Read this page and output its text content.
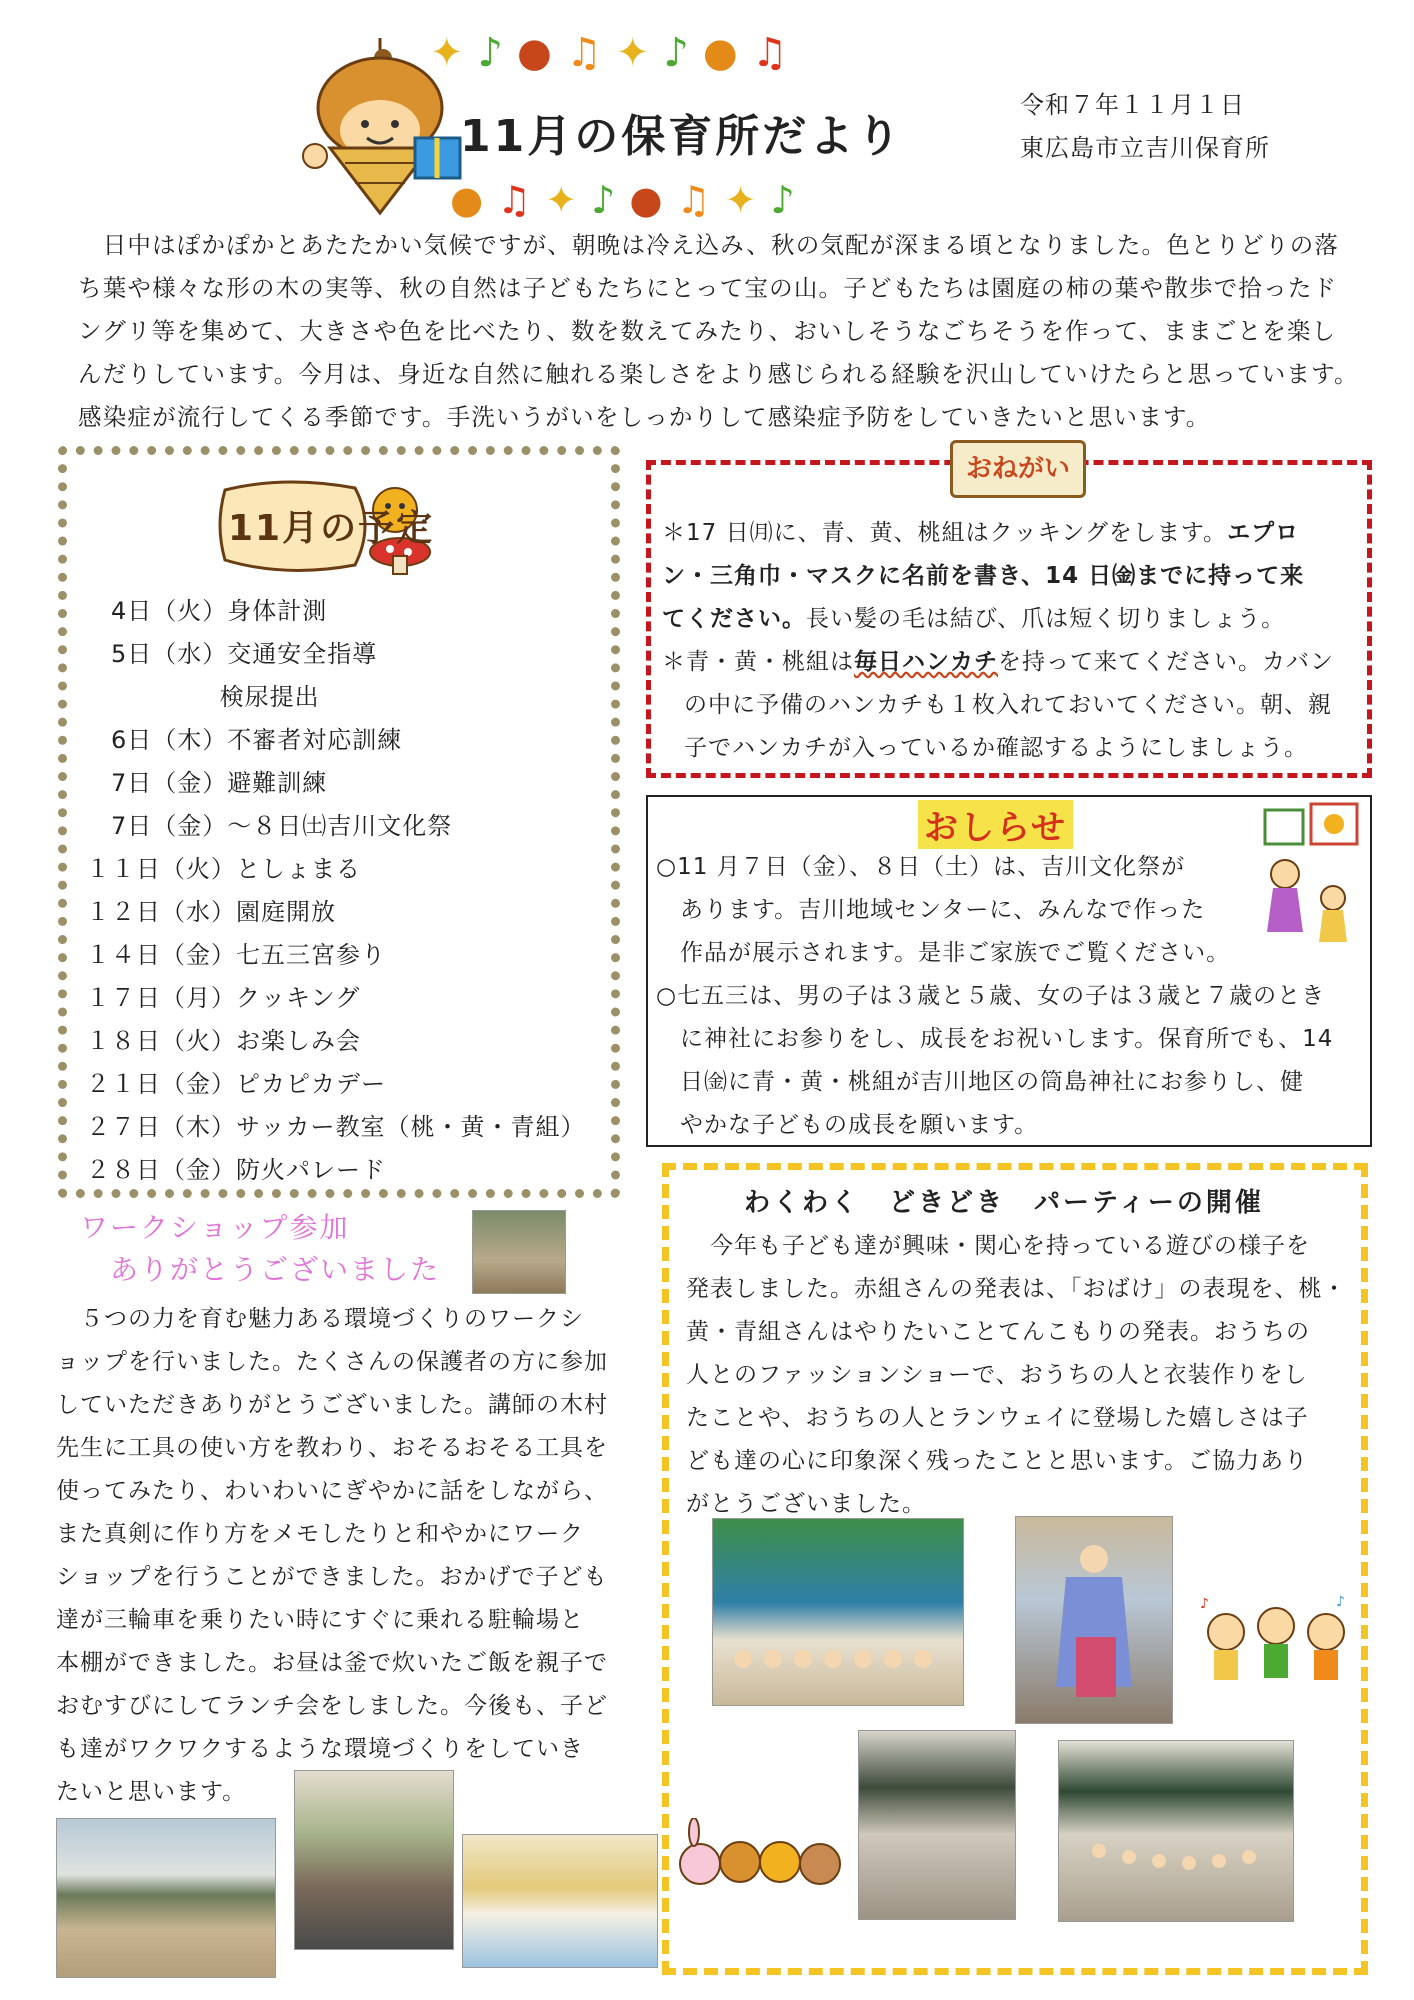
✦♪●♫✦♪●♫
●♫✦♪●♫✦♪
11月の保育所だより
令和７年１１月１日
東広島市立吉川保育所
　日中はぽかぽかとあたたかい気候ですが、朝晩は冷え込み、秋の気配が深まる頃となりました。色とりどりの落
ち葉や様々な形の木の実等、秋の自然は子どもたちにとって宝の山。子どもたちは園庭の柿の葉や散歩で拾ったド
ングリ等を集めて、大きさや色を比べたり、数を数えてみたり、おいしそうなごちそうを作って、ままごとを楽し
んだりしています。今月は、身近な自然に触れる楽しさをより感じられる経験を沢山していけたらと思っています。
感染症が流行してくる季節です。手洗いうがいをしっかりして感染症予防をしていきたいと思います。
11月の予定
　4日（火）身体計測
　5日（水）交通安全指導
　　　　　 検尿提出
　6日（木）不審者対応訓練
　7日（金）避難訓練
　7日（金）～８日㈯吉川文化祭
１１日（火）としょまる
１２日（水）園庭開放
１４日（金）七五三宮参り
１７日（月）クッキング
１８日（火）お楽しみ会
２１日（金）ピカピカデー
２７日（木）サッカー教室（桃・黄・青組）
２８日（金）防火パレード
おねがい
＊17 日㈪に、青、黄、桃組はクッキングをします。エプロ
ン・三角巾・マスクに名前を書き、14 日㈮までに持って来
てください。長い髪の毛は結び、爪は短く切りましょう。
＊青・黄・桃組は毎日ハンカチを持って来てください。カバン
の中に予備のハンカチも１枚入れておいてください。朝、親
子でハンカチが入っているか確認するようにしましょう。
おしらせ
○11 月７日（金）、８日（土）は、吉川文化祭が
　あります。吉川地域センターに、みんなで作った
　作品が展示されます。是非ご家族でご覧ください。
○七五三は、男の子は３歳と５歳、女の子は３歳と７歳のとき
　に神社にお参りをし、成長をお祝いします。保育所でも、14
　日㈮に青・黄・桃組が吉川地区の筒島神社にお参りし、健
　やかな子どもの成長を願います。
わくわく　どきどき　パーティーの開催
　今年も子ども達が興味・関心を持っている遊びの様子を
発表しました。赤組さんの発表は、「おばけ」の表現を、桃・
黄・青組さんはやりたいことてんこもりの発表。おうちの
人とのファッションショーで、おうちの人と衣装作りをし
たことや、おうちの人とランウェイに登場した嬉しさは子
ども達の心に印象深く残ったことと思います。ご協力あり
がとうございました。
♪	♪
ワークショップ参加
ありがとうございました
　５つの力を育む魅力ある環境づくりのワークシ
ョップを行いました。たくさんの保護者の方に参加
していただきありがとうございました。講師の木村
先生に工具の使い方を教わり、おそるおそる工具を
使ってみたり、わいわいにぎやかに話をしながら、
また真剣に作り方をメモしたりと和やかにワーク
ショップを行うことができました。おかげで子ども
達が三輪車を乗りたい時にすぐに乗れる駐輪場と
本棚ができました。お昼は釜で炊いたご飯を親子で
おむすびにしてランチ会をしました。今後も、子ど
も達がワクワクするような環境づくりをしていき
たいと思います。
